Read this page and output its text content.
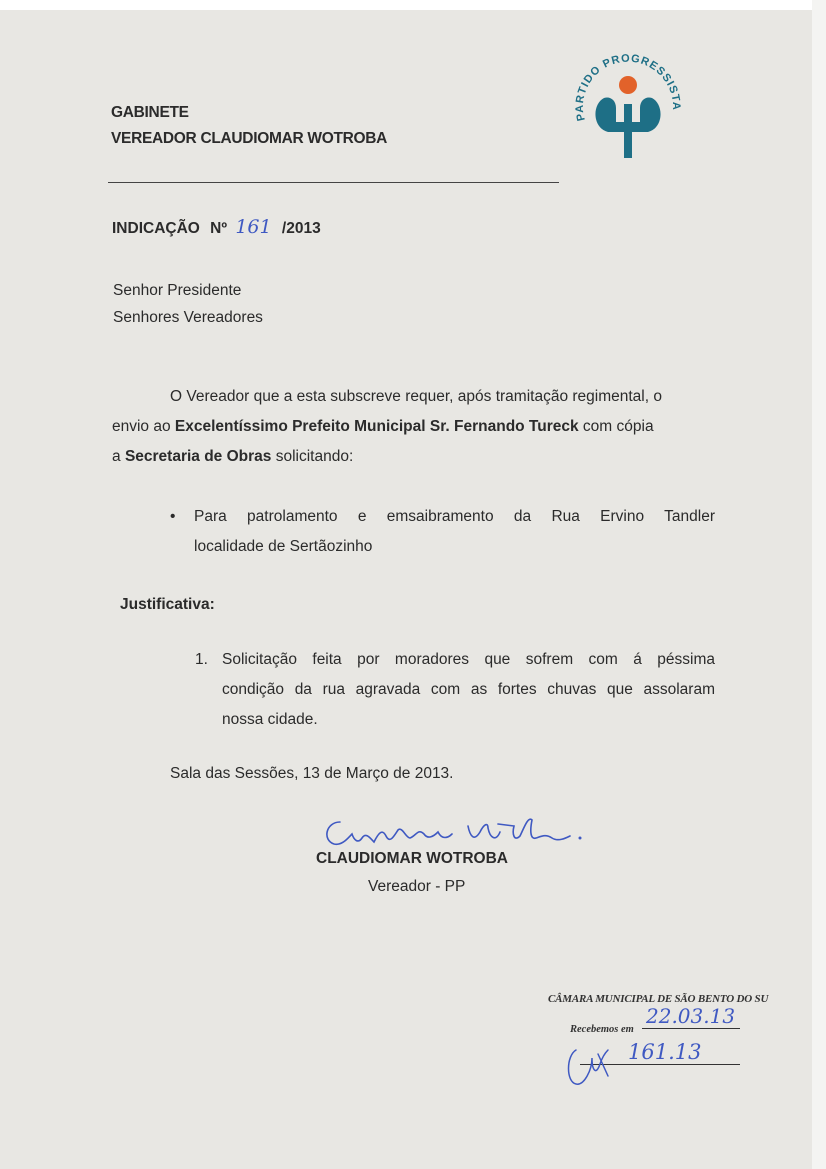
GABINETE
VEREADOR CLAUDIOMAR WOTROBA
PARTIDO PROGRESSISTA
INDICAÇÃO Nº 161 /2013
Senhor Presidente
Senhores Vereadores
O Vereador que a esta subscreve requer, após tramitação regimental, o
envio ao Excelentíssimo Prefeito Municipal Sr. Fernando Tureck com cópia
a Secretaria de Obras solicitando:
•	Para patrolamento e emsaibramento da Rua Ervino Tandler
localidade de Sertãozinho
Justificativa:
1. Solicitação feita por moradores que sofrem com á péssima
condição da rua agravada com as fortes chuvas que assolaram
nossa cidade.
Sala das Sessões, 13 de Março de 2013.
CLAUDIOMAR WOTROBA
Vereador - PP
CÂMARA MUNICIPAL DE SÃO BENTO DO SU
Recebemos em
22.03.13
161.13
